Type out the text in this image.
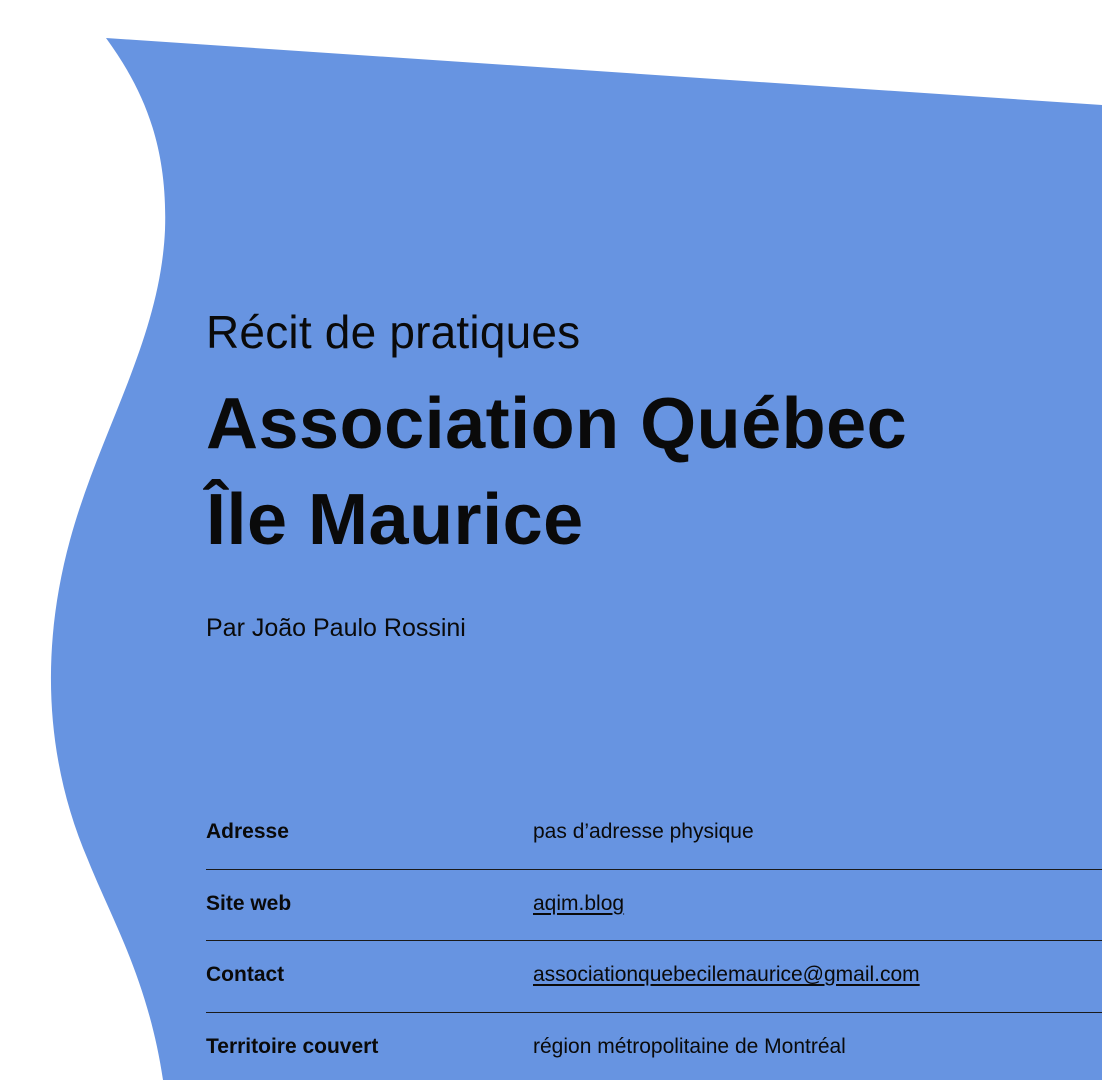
Récit de pratiques
Association Québec
Île Maurice
Par João Paulo Rossini
Adresse	pas d’adresse physique
Site web	aqim.blog
Contact	associationquebecilemaurice@gmail.com
Territoire couvert	région métropolitaine de Montréal
